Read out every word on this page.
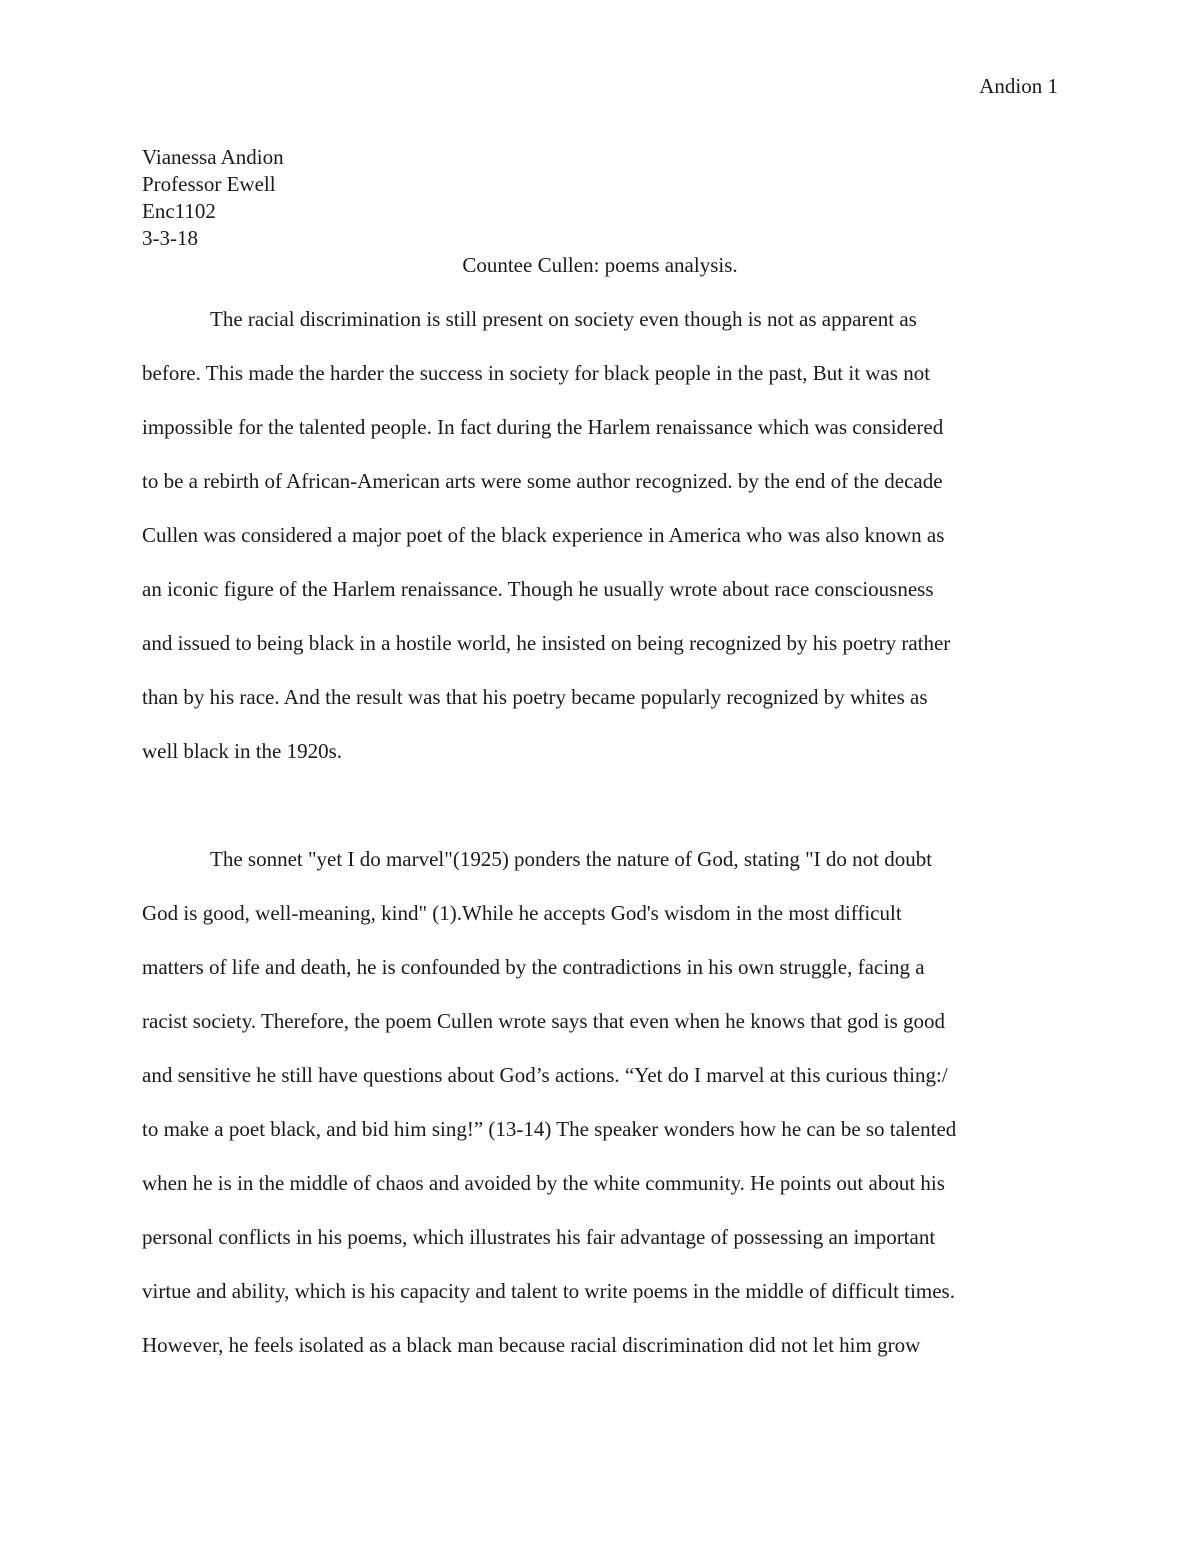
Andion 1
Vianessa Andion
Professor Ewell
Enc1102
3-3-18
Countee Cullen: poems analysis.
The racial discrimination is still present on society even though is not as apparent as
before. This made the harder the success in society for black people in the past, But it was not
impossible for the talented people. In fact during the Harlem renaissance which was considered
to be a rebirth of African-American arts were some author recognized. by the end of the decade
Cullen was considered a major poet of the black experience in America who was also known as
an iconic figure of the Harlem renaissance. Though he usually wrote about race consciousness
and issued to being black in a hostile world, he insisted on being recognized by his poetry rather
than by his race. And the result was that his poetry became popularly recognized by whites as
well black in the 1920s.
The sonnet "yet I do marvel"(1925) ponders the nature of God, stating "I do not doubt
God is good, well-meaning, kind" (1).While he accepts God's wisdom in the most difficult
matters of life and death, he is confounded by the contradictions in his own struggle, facing a
racist society. Therefore, the poem Cullen wrote says that even when he knows that god is good
and sensitive he still have questions about God’s actions. “Yet do I marvel at this curious thing:/
to make a poet black, and bid him sing!” (13-14) The speaker wonders how he can be so talented
when he is in the middle of chaos and avoided by the white community. He points out about his
personal conflicts in his poems, which illustrates his fair advantage of possessing an important
virtue and ability, which is his capacity and talent to write poems in the middle of difficult times.
However, he feels isolated as a black man because racial discrimination did not let him grow
